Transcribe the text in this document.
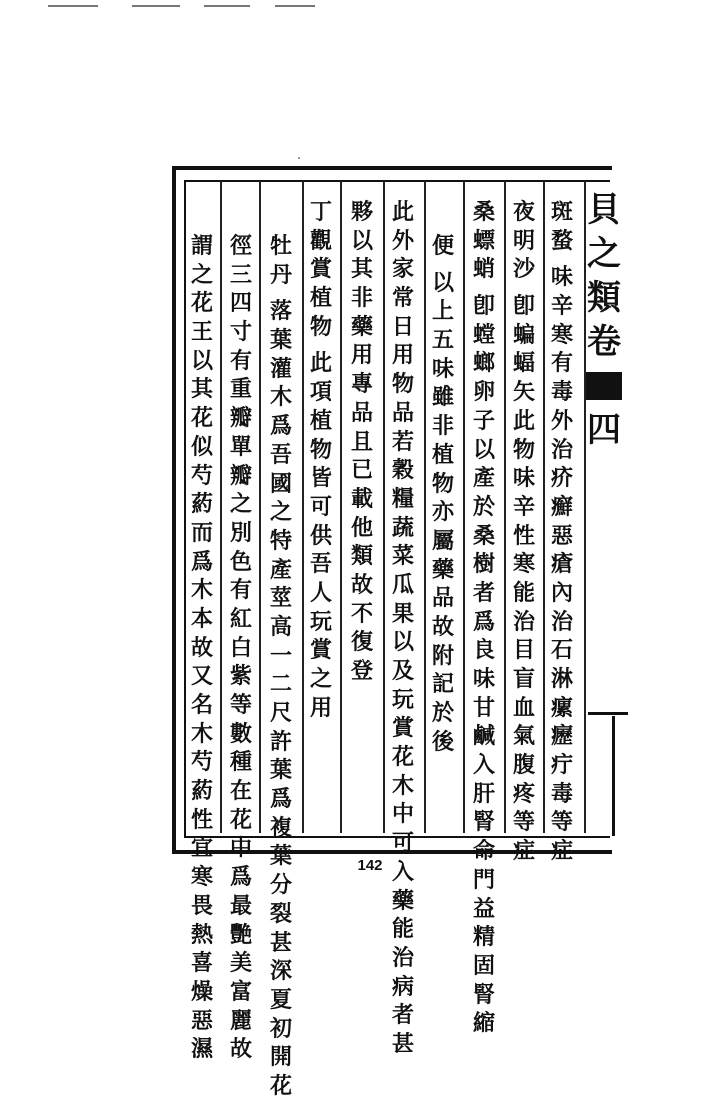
斑
蝥
味
辛
寒
有
毒
外
治
疥
癬
惡
瘡
內
治
石
淋
瘰
癧
疔
毒
等
症
夜
明
沙
卽
蝙
蝠
矢
此
物
味
辛
性
寒
能
治
目
盲
血
氣
腹
疼
等
症
桑
螵
蛸
卽
螳
螂
卵
子
以
產
於
桑
樹
者
爲
良
味
甘
鹹
入
肝
腎
命
門
益
精
固
腎
縮
便
以
上
五
味
雖
非
植
物
亦
屬
藥
品
故
附
記
於
後
此
外
家
常
日
用
物
品
若
穀
糧
蔬
菜
瓜
果
以
及
玩
賞
花
木
中
可
入
藥
能
治
病
者
甚
夥
以
其
非
藥
用
專
品
且
已
載
他
類
故
不
復
登
丁
觀
賞
植
物
此
項
植
物
皆
可
供
吾
人
玩
賞
之
用
牡
丹
落
葉
灌
木
爲
吾
國
之
特
產
莖
高
一
二
尺
許
葉
爲
複
葉
分
裂
甚
深
夏
初
開
花
徑
三
四
寸
有
重
瓣
單
瓣
之
別
色
有
紅
白
紫
等
數
種
在
花
中
爲
最
艷
美
富
麗
故
謂
之
花
王
以
其
花
似
芍
葯
而
爲
木
本
故
又
名
木
芍
葯
性
宜
寒
畏
熱
喜
燥
惡
濕
貝
之
類
卷
四
142
